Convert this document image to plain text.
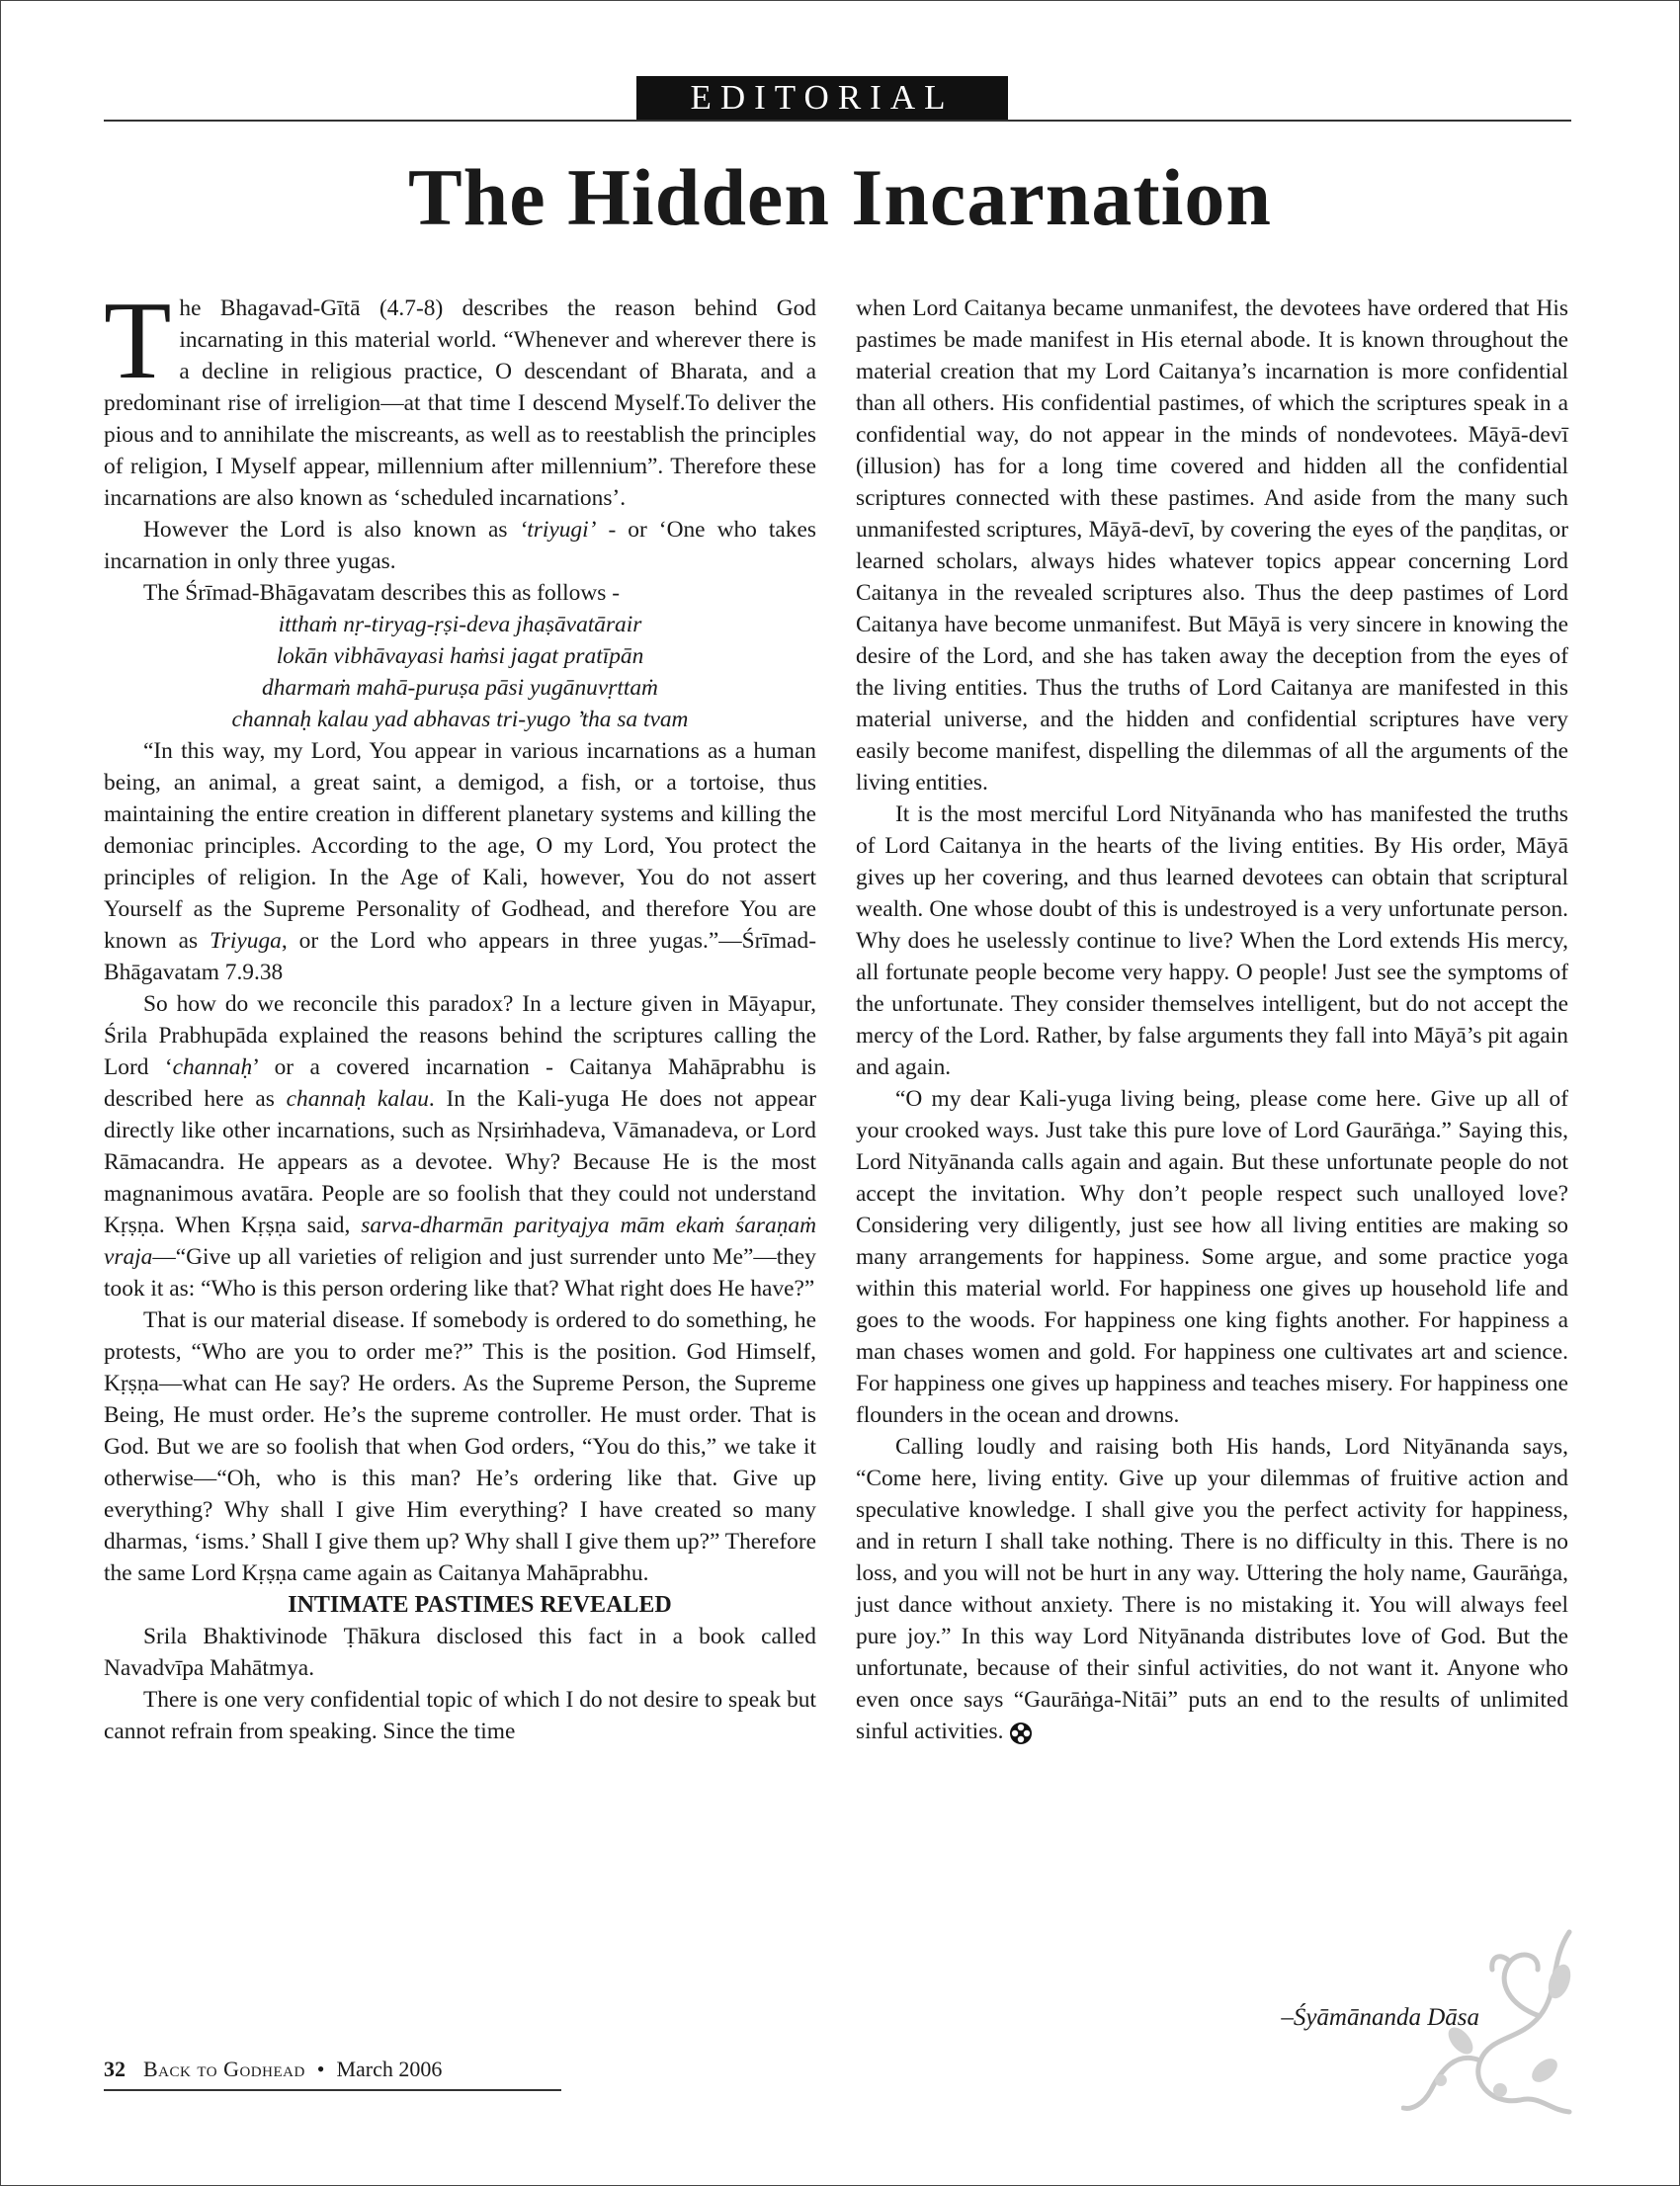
EDITORIAL
The Hidden Incarnation

The Bhagavad-Gītā (4.7-8) describes the reason behind God incarnating in this material world. “Whenever and wherever there is a decline in religious practice, O descendant of Bharata, and a predominant rise of irreligion—at that time I descend Myself.To deliver the pious and to annihilate the miscreants, as well as to reestablish the principles of religion, I Myself appear, millennium after millennium”. Therefore these incarnations are also known as ‘scheduled incarnations’.

However the Lord is also known as ‘triyugi’ - or ‘One who takes incarnation in only three yugas.

The Śrīmad-Bhāgavatam describes this as follows -

itthaṁ nṛ-tiryag-ṛṣi-deva jhaṣāvatārair
lokān vibhāvayasi haṁsi jagat pratīpān
dharmaṁ mahā-puruṣa pāsi yugānuvṛttaṁ
channaḥ kalau yad abhavas tri-yugo ’tha sa tvam

“In this way, my Lord, You appear in various incarnations as a human being, an animal, a great saint, a demigod, a fish, or a tortoise, thus maintaining the entire creation in different planetary systems and killing the demoniac principles. According to the age, O my Lord, You protect the principles of religion. In the Age of Kali, however, You do not assert Yourself as the Supreme Personality of Godhead, and therefore You are known as Triyuga, or the Lord who appears in three yugas.”—Śrīmad-Bhāgavatam 7.9.38

So how do we reconcile this paradox? In a lecture given in Māyapur, Śrila Prabhupāda explained the reasons behind the scriptures calling the Lord ‘channaḥ’ or a covered incarnation - Caitanya Mahāprabhu is described here as channaḥ kalau. In the Kali-yuga He does not appear directly like other incarnations, such as Nṛsiṁhadeva, Vāmanadeva, or Lord Rāmacandra. He appears as a devotee. Why? Because He is the most magnanimous avatāra. People are so foolish that they could not understand Kṛṣṇa. When Kṛṣṇa said, sarva-dharmān parityajya mām ekaṁ śaraṇaṁ vraja—“Give up all varieties of religion and just surrender unto Me”—they took it as: “Who is this person ordering like that? What right does He have?”

That is our material disease. If somebody is ordered to do something, he protests, “Who are you to order me?” This is the position. God Himself, Kṛṣṇa—what can He say? He orders. As the Supreme Person, the Supreme Being, He must order. He’s the supreme controller. He must order. That is God. But we are so foolish that when God orders, “You do this,” we take it otherwise—“Oh, who is this man? He’s ordering like that. Give up everything? Why shall I give Him everything? I have created so many dharmas, ‘isms.’ Shall I give them up? Why shall I give them up?” Therefore the same Lord Kṛṣṇa came again as Caitanya Mahāprabhu.

INTIMATE PASTIMES REVEALED

Srila Bhaktivinode Ṭhākura disclosed this fact in a book called Navadvīpa Mahātmya.

There is one very confidential topic of which I do not desire to speak but cannot refrain from speaking. Since the time

when Lord Caitanya became unmanifest, the devotees have ordered that His pastimes be made manifest in His eternal abode. It is known throughout the material creation that my Lord Caitanya’s incarnation is more confidential than all others. His confidential pastimes, of which the scriptures speak in a confidential way, do not appear in the minds of nondevotees. Māyā-devī (illusion) has for a long time covered and hidden all the confidential scriptures connected with these pastimes. And aside from the many such unmanifested scriptures, Māyā-devī, by covering the eyes of the paṇḍitas, or learned scholars, always hides whatever topics appear concerning Lord Caitanya in the revealed scriptures also. Thus the deep pastimes of Lord Caitanya have become unmanifest. But Māyā is very sincere in knowing the desire of the Lord, and she has taken away the deception from the eyes of the living entities. Thus the truths of Lord Caitanya are manifested in this material universe, and the hidden and confidential scriptures have very easily become manifest, dispelling the dilemmas of all the arguments of the living entities.

It is the most merciful Lord Nityānanda who has manifested the truths of Lord Caitanya in the hearts of the living entities. By His order, Māyā gives up her covering, and thus learned devotees can obtain that scriptural wealth. One whose doubt of this is undestroyed is a very unfortunate person. Why does he uselessly continue to live? When the Lord extends His mercy, all fortunate people become very happy. O people! Just see the symptoms of the unfortunate. They consider themselves intelligent, but do not accept the mercy of the Lord. Rather, by false arguments they fall into Māyā’s pit again and again.

“O my dear Kali-yuga living being, please come here. Give up all of your crooked ways. Just take this pure love of Lord Gaurāṅga.” Saying this, Lord Nityānanda calls again and again. But these unfortunate people do not accept the invitation. Why don’t people respect such unalloyed love? Considering very diligently, just see how all living entities are making so many arrangements for happiness. Some argue, and some practice yoga within this material world. For happiness one gives up household life and goes to the woods. For happiness one king fights another. For happiness a man chases women and gold. For happiness one cultivates art and science. For happiness one gives up happiness and teaches misery. For happiness one flounders in the ocean and drowns.

Calling loudly and raising both His hands, Lord Nityānanda says, “Come here, living entity. Give up your dilemmas of fruitive action and speculative knowledge. I shall give you the perfect activity for happiness, and in return I shall take nothing. There is no difficulty in this. There is no loss, and you will not be hurt in any way. Uttering the holy name, Gaurāṅga, just dance without anxiety. There is no mistaking it. You will always feel pure joy.” In this way Lord Nityānanda distributes love of God. But the unfortunate, because of their sinful activities, do not want it. Anyone who even once says “Gaurāṅga-Nitāi” puts an end to the results of unlimited sinful activities.

–Śyāmānanda Dāsa
32 Back to Godhead • March 2006
